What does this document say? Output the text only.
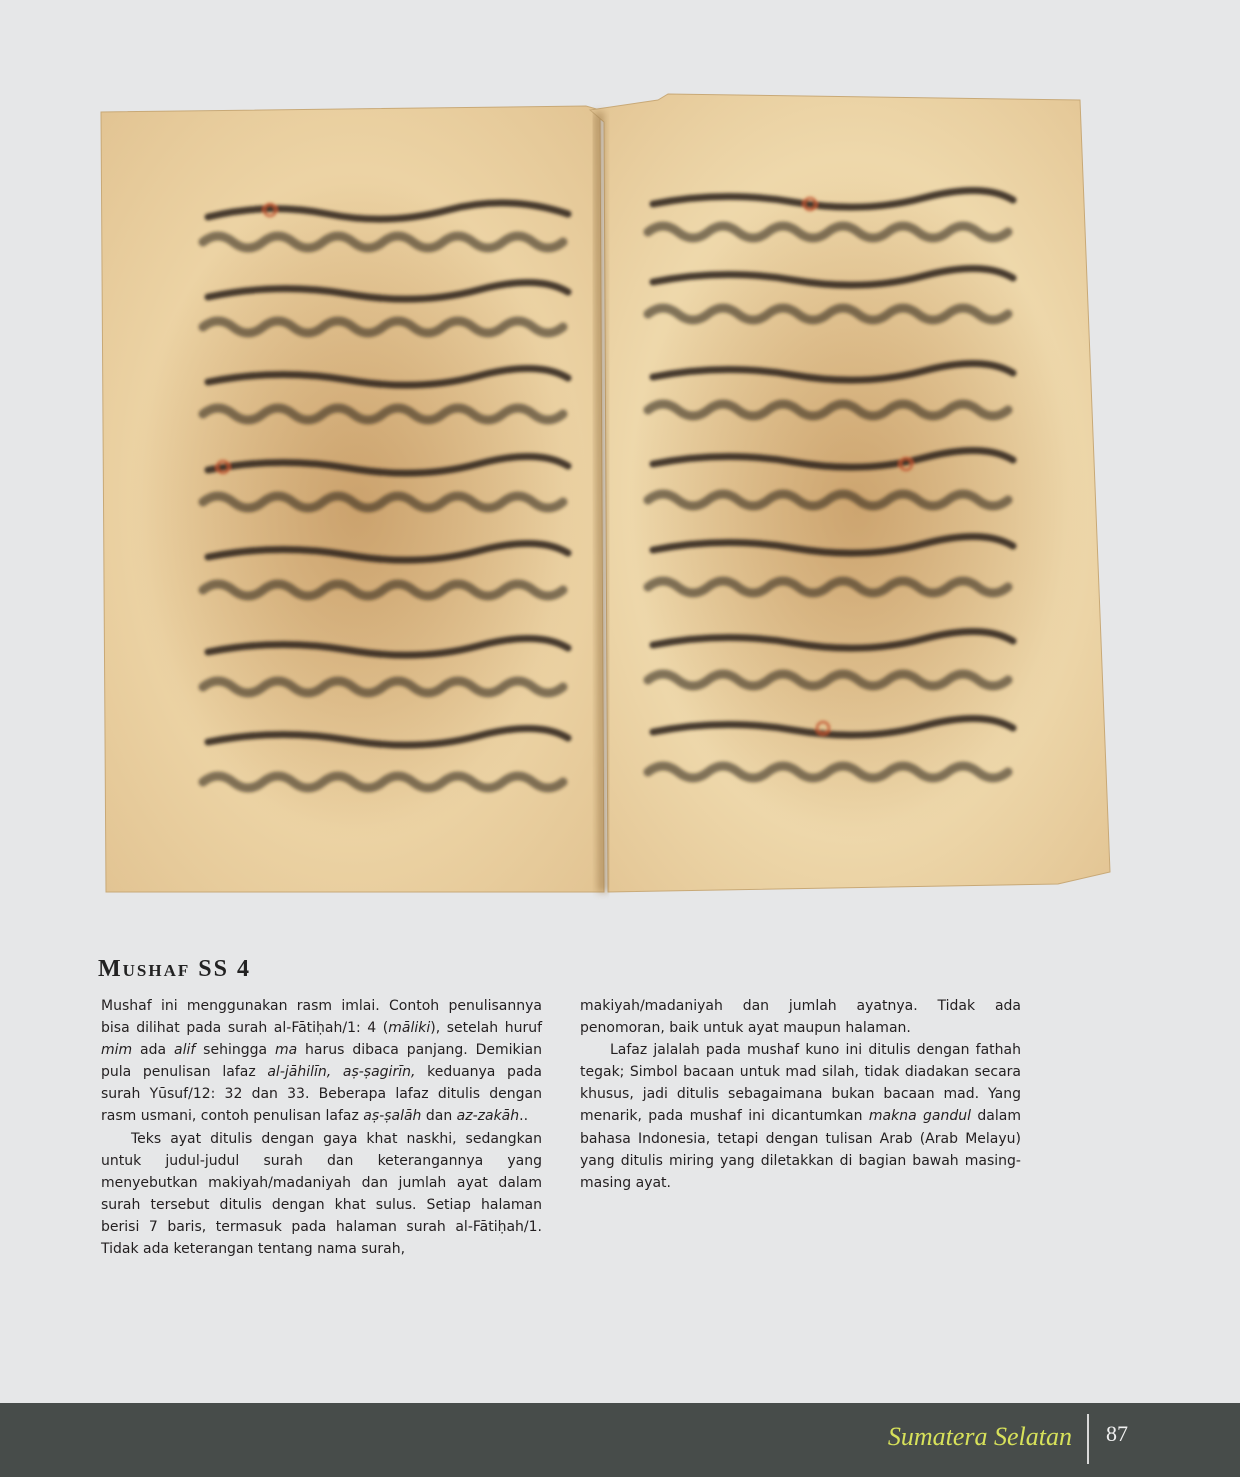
Mushaf SS 4

Mushaf ini menggunakan rasm imlai. Contoh penulisannya bisa dilihat pada surah al-Fātiḥah/1: 4 (māliki), setelah huruf mim ada alif sehingga ma harus dibaca panjang. Demikian pula penulisan lafaz al-jāhilīn, aṣ-ṣagirīn, keduanya pada surah Yūsuf/12: 32 dan 33. Beberapa lafaz ditulis dengan rasm usmani, contoh penulisan lafaz aṣ-ṣalāh dan az-zakāh..

Teks ayat ditulis dengan gaya khat naskhi, sedangkan untuk judul-judul surah dan keterangannya yang menyebutkan makiyah/madaniyah dan jumlah ayat dalam surah tersebut ditulis dengan khat sulus. Setiap halaman berisi 7 baris, termasuk pada halaman surah al-Fātiḥah/1. Tidak ada keterangan tentang nama surah,

makiyah/madaniyah dan jumlah ayatnya. Tidak ada penomoran, baik untuk ayat maupun halaman.

Lafaz jalalah pada mushaf kuno ini ditulis dengan fathah tegak; Simbol bacaan untuk mad silah, tidak diadakan secara khusus, jadi ditulis sebagaimana bukan bacaan mad. Yang menarik, pada mushaf ini dicantumkan makna gandul dalam bahasa Indonesia, tetapi dengan tulisan Arab (Arab Melayu) yang ditulis miring yang diletakkan di bagian bawah masing-masing ayat.

Sumatera Selatan 87
